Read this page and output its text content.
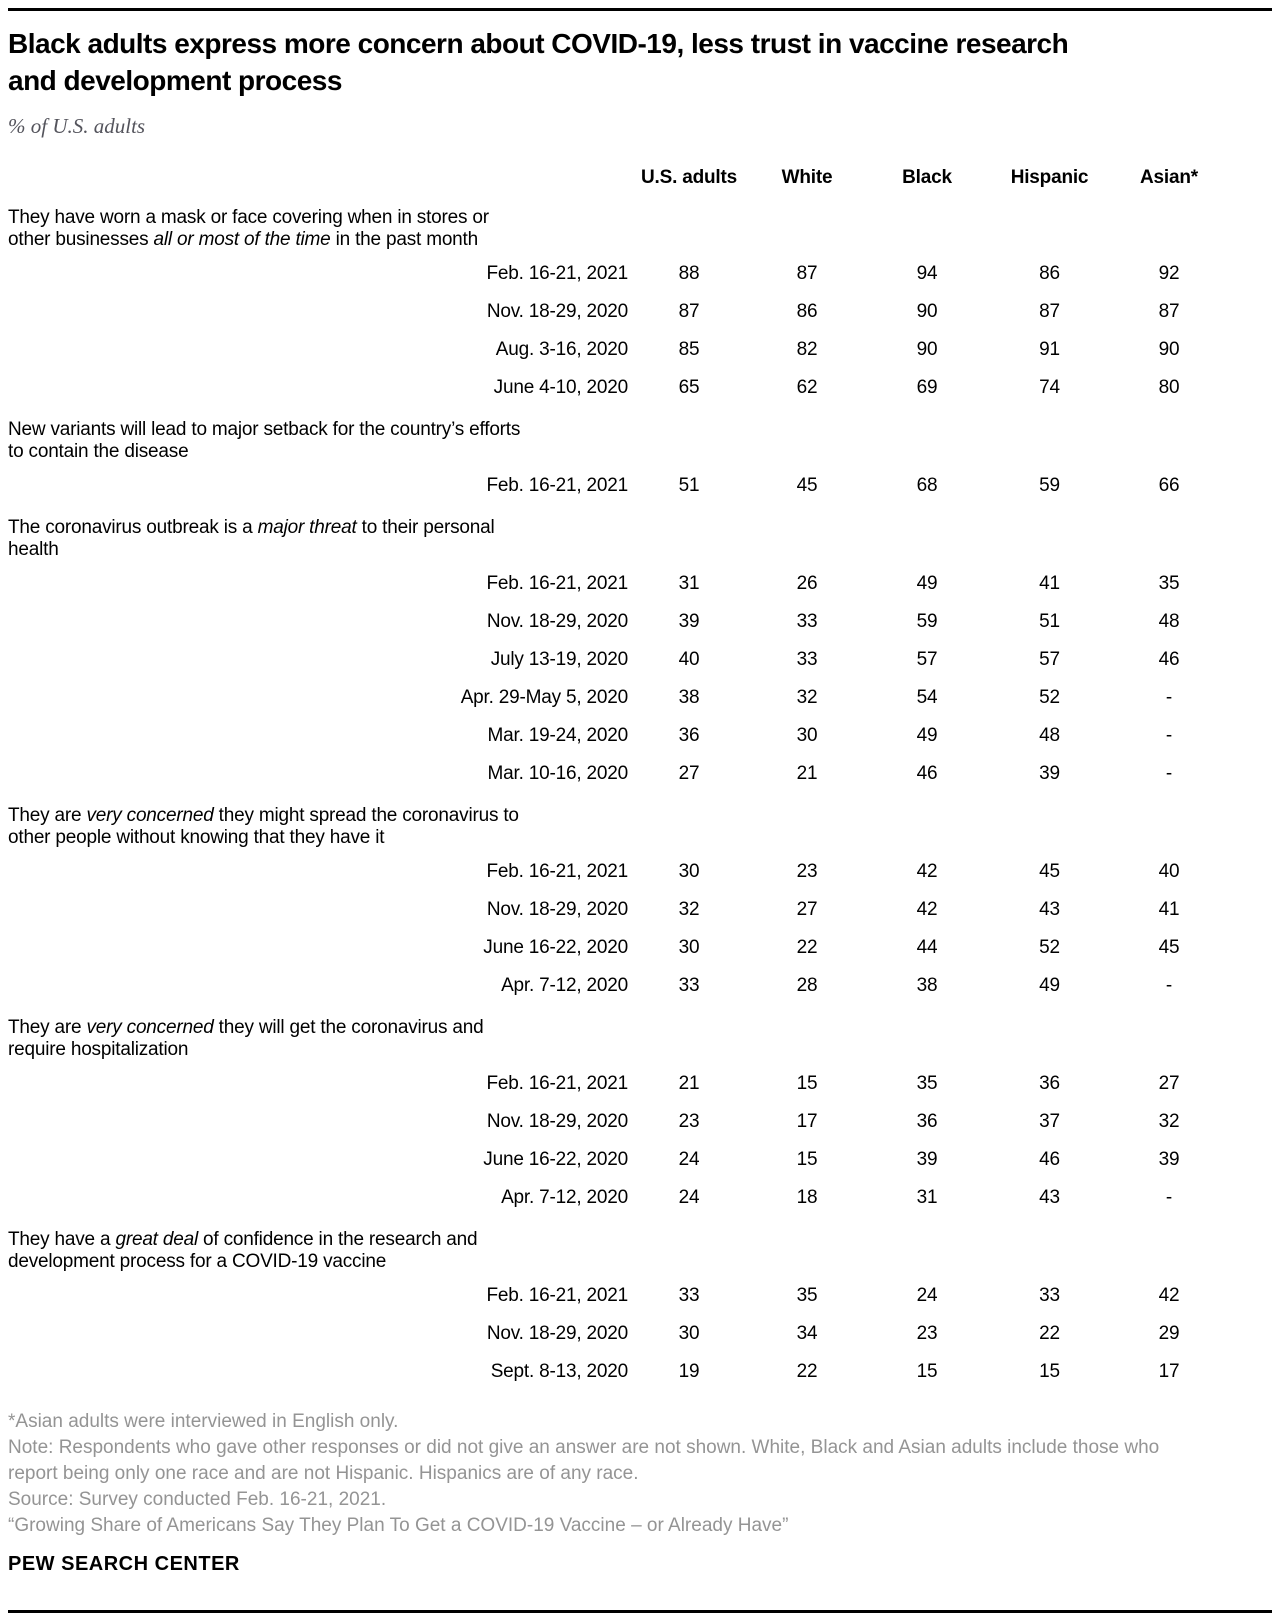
Black adults express more concern about COVID-19, less trust in vaccine research
and development process
% of U.S. adults
	U.S. adults	White	Black	Hispanic	Asian*

They have worn a mask or face covering when in stores or
other businesses all or most of the time in the past month					

Feb. 16-21, 2021	88	87	94	86	92
Nov. 18-29, 2020	87	86	90	87	87
Aug. 3-16, 2020	85	82	90	91	90
June 4-10, 2020	65	62	69	74	80

New variants will lead to major setback for the country’s efforts
to contain the disease					

Feb. 16-21, 2021	51	45	68	59	66

The coronavirus outbreak is a major threat to their personal
health					

Feb. 16-21, 2021	31	26	49	41	35
Nov. 18-29, 2020	39	33	59	51	48
July 13-19, 2020	40	33	57	57	46
Apr. 29-May 5, 2020	38	32	54	52	-
Mar. 19-24, 2020	36	30	49	48	-
Mar. 10-16, 2020	27	21	46	39	-

They are very concerned they might spread the coronavirus to
other people without knowing that they have it					

Feb. 16-21, 2021	30	23	42	45	40
Nov. 18-29, 2020	32	27	42	43	41
June 16-22, 2020	30	22	44	52	45
Apr. 7-12, 2020	33	28	38	49	-

They are very concerned they will get the coronavirus and
require hospitalization					

Feb. 16-21, 2021	21	15	35	36	27
Nov. 18-29, 2020	23	17	36	37	32
June 16-22, 2020	24	15	39	46	39
Apr. 7-12, 2020	24	18	31	43	-

They have a great deal of confidence in the research and
development process for a COVID-19 vaccine					

Feb. 16-21, 2021	33	35	24	33	42
Nov. 18-29, 2020	30	34	23	22	29
Sept. 8-13, 2020	19	22	15	15	17
*Asian adults were interviewed in English only.
Note: Respondents who gave other responses or did not give an answer are not shown. White, Black and Asian adults include those who
report being only one race and are not Hispanic. Hispanics are of any race.
Source: Survey conducted Feb. 16-21, 2021.
“Growing Share of Americans Say They Plan To Get a COVID-19 Vaccine – or Already Have”
PEW SEARCH CENTER
